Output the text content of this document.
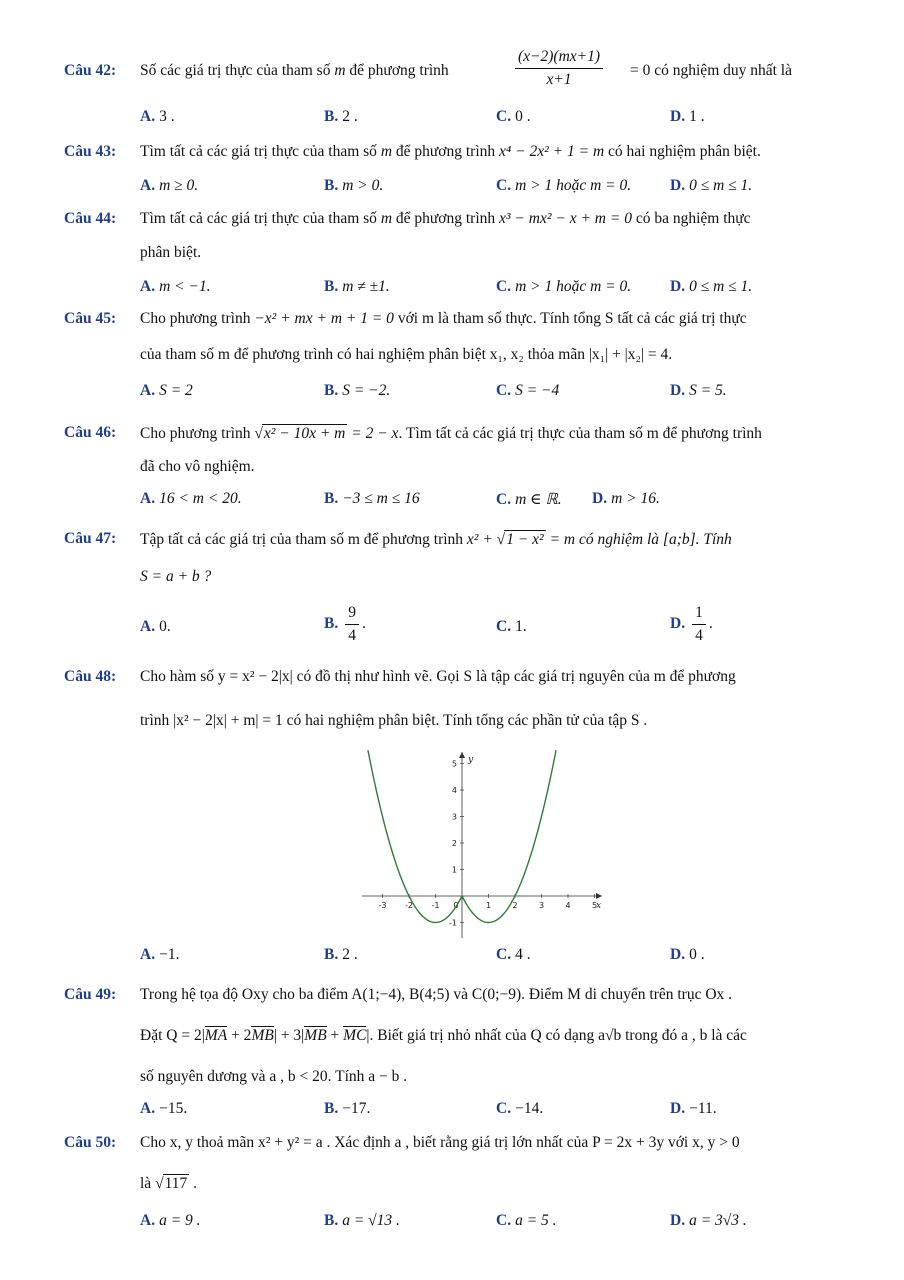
Câu 42: Số các giá trị thực của tham số m để phương trình	$\frac{(x-2)(mx+1)}{x+1} = 0$ có nghiệm duy nhất là
A. 3 .	B. 2 .	C. 0 .	D. 1 .
Câu 43: Tìm tất cả các giá trị thực của tham số m để phương trình x⁴ − 2x² + 1 = m có hai nghiệm phân biệt.
A. m ≥ 0.	B. m > 0.	C. m > 1 hoặc m = 0.	D. 0 ≤ m ≤ 1.
Câu 44: Tìm tất cả các giá trị thực của tham số m để phương trình x³ − mx² − x + m = 0 có ba nghiệm thực
phân biệt.
A. m < −1.	B. m ≠ ±1.	C. m > 1 hoặc m = 0.	D. 0 ≤ m ≤ 1.
Câu 45: Cho phương trình −x² + mx + m + 1 = 0 với m là tham số thực. Tính tổng S tất cả các giá trị thực
của tham số m để phương trình có hai nghiệm phân biệt x₁, x₂ thỏa mãn |x₁| + |x₂| = 4.
A. S = 2	B. S = −2.	C. S = −4	D. S = 5.
Câu 46: Cho phương trình √x² − 10x + m = 2 − x. Tìm tất cả các giá trị thực của tham số m để phương trình
đã cho vô nghiệm.
A. 16 < m < 20.	B. −3 ≤ m ≤ 16	C. m ∈ ℝ. D. m > 16.
Câu 47: Tập tất cả các giá trị của tham số m để phương trình x² + √1 − x² = m có nghiệm là [a;b]. Tính
S = a + b ?
A. 0.	B. $\frac{9}{4}$ .	C. 1.	D. $\frac{1}{4}$ .
Câu 48: Cho hàm số y = x² − 2|x| có đồ thị như hình vẽ. Gọi S là tập các giá trị nguyên của m để phương
trình |x² − 2|x| + m| = 1 có hai nghiệm phân biệt. Tính tổng các phần tử của tập S .
A. −1.	B. 2 .	C. 4 .	D. 0 .
-3 -2 -1 0	1	2	3	4	5
5
4
3
2
1
-1
x
y
Câu 49: Trong hệ tọa độ Oxy cho ba điểm A(1;−4), B(4;5) và C(0;−9). Điểm M di chuyển trên trục Ox .
Đặt Q = 2|MA + 2MB| + 3|MB + MC|. Biết giá trị nhỏ nhất của Q có dạng a√b trong đó a , b là các
số nguyên dương và a , b < 20. Tính a − b .
A. −15.	B. −17.	C. −14.	D. −11.
Câu 50: Cho x, y thoả mãn x² + y² = a . Xác định a , biết rằng giá trị lớn nhất của P = 2x + 3y với x, y > 0
là √117 .
A. a = 9 .	B. a = √13 .	C. a = 5 .	D. a = 3√3 .
